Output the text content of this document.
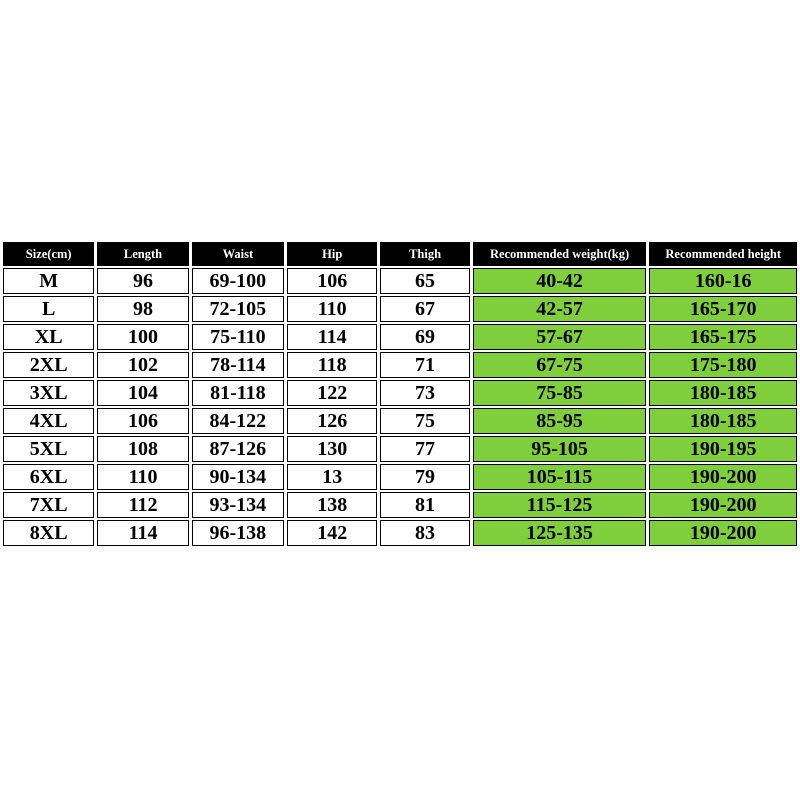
Size(cm)	Length	Waist	Hip	Thigh	Recommended weight(kg)	Recommended height
M	96	69-100	106	65	40-42	160-16
L	98	72-105	110	67	42-57	165-170
XL	100	75-110	114	69	57-67	165-175
2XL	102	78-114	118	71	67-75	175-180
3XL	104	81-118	122	73	75-85	180-185
4XL	106	84-122	126	75	85-95	180-185
5XL	108	87-126	130	77	95-105	190-195
6XL	110	90-134	13	79	105-115	190-200
7XL	112	93-134	138	81	115-125	190-200
8XL	114	96-138	142	83	125-135	190-200
